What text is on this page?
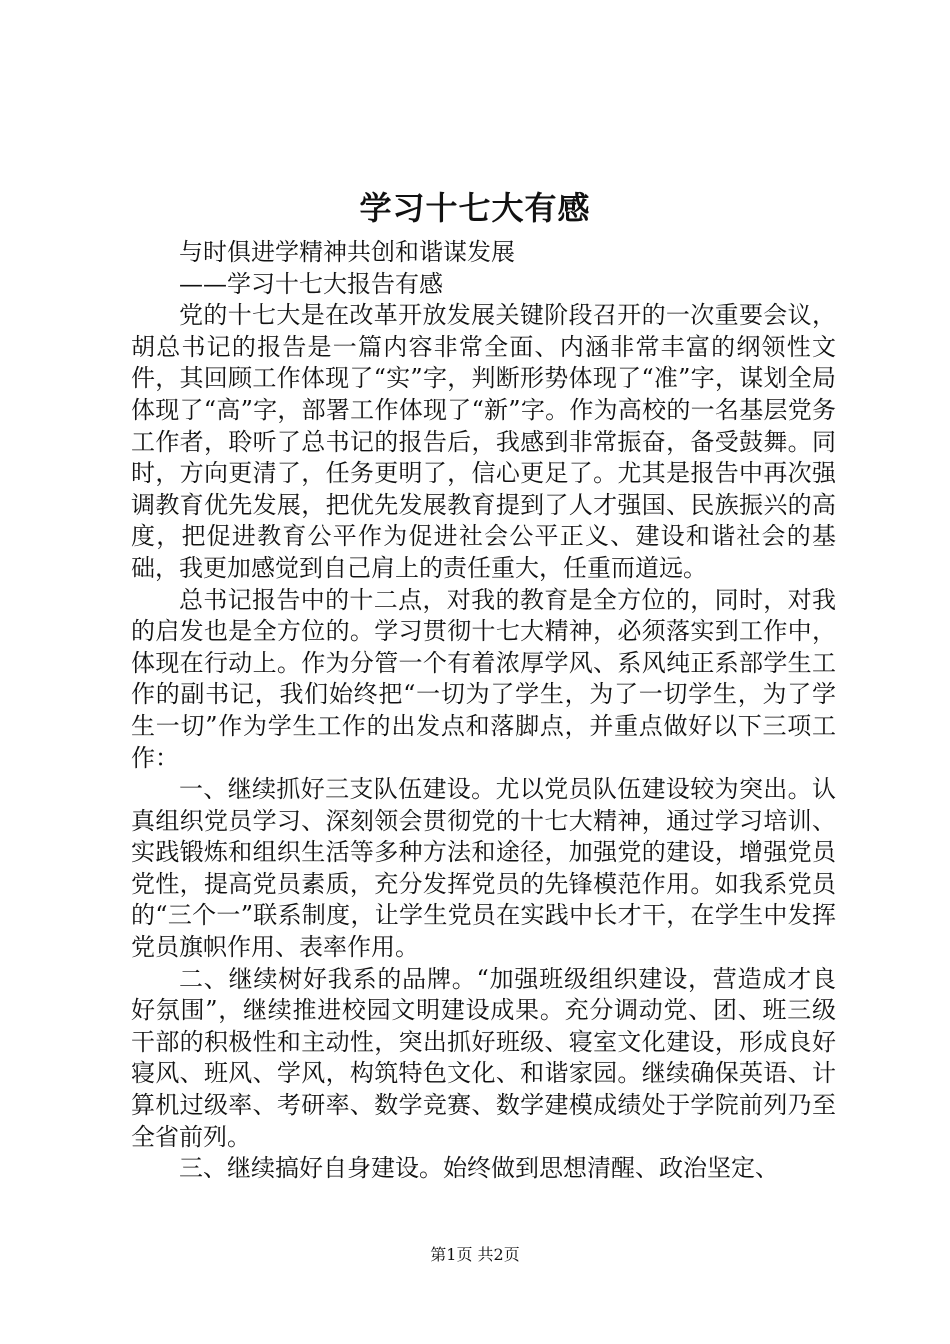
学习十七大有感

与时俱进学精神共创和谐谋发展

——学习十七大报告有感

党的十七大是在改革开放发展关键阶段召开的一次重要会议，胡总书记的报告是一篇内容非常全面、内涵非常丰富的纲领性文件，其回顾工作体现了“实”字，判断形势体现了“准”字，谋划全局体现了“高”字，部署工作体现了“新”字。作为高校的一名基层党务工作者，聆听了总书记的报告后，我感到非常振奋，备受鼓舞。同时，方向更清了，任务更明了，信心更足了。尤其是报告中再次强调教育优先发展，把优先发展教育提到了人才强国、民族振兴的高度，把促进教育公平作为促进社会公平正义、建设和谐社会的基础，我更加感觉到自己肩上的责任重大，任重而道远。

总书记报告中的十二点，对我的教育是全方位的，同时，对我的启发也是全方位的。学习贯彻十七大精神，必须落实到工作中，体现在行动上。作为分管一个有着浓厚学风、系风纯正系部学生工作的副书记，我们始终把“一切为了学生，为了一切学生，为了学生一切”作为学生工作的出发点和落脚点，并重点做好以下三项工作：

一、继续抓好三支队伍建设。尤以党员队伍建设较为突出。认真组织党员学习、深刻领会贯彻党的十七大精神，通过学习培训、实践锻炼和组织生活等多种方法和途径，加强党的建设，增强党员党性，提高党员素质，充分发挥党员的先锋模范作用。如我系党员的“三个一”联系制度，让学生党员在实践中长才干，在学生中发挥党员旗帜作用、表率作用。

二、继续树好我系的品牌。“加强班级组织建设，营造成才良好氛围”，继续推进校园文明建设成果。充分调动党、团、班三级干部的积极性和主动性，突出抓好班级、寝室文化建设，形成良好寝风、班风、学风，构筑特色文化、和谐家园。继续确保英语、计算机过级率、考研率、数学竞赛、数学建模成绩处于学院前列乃至全省前列。

三、继续搞好自身建设。始终做到思想清醒、政治坚定、

第1页 共2页
